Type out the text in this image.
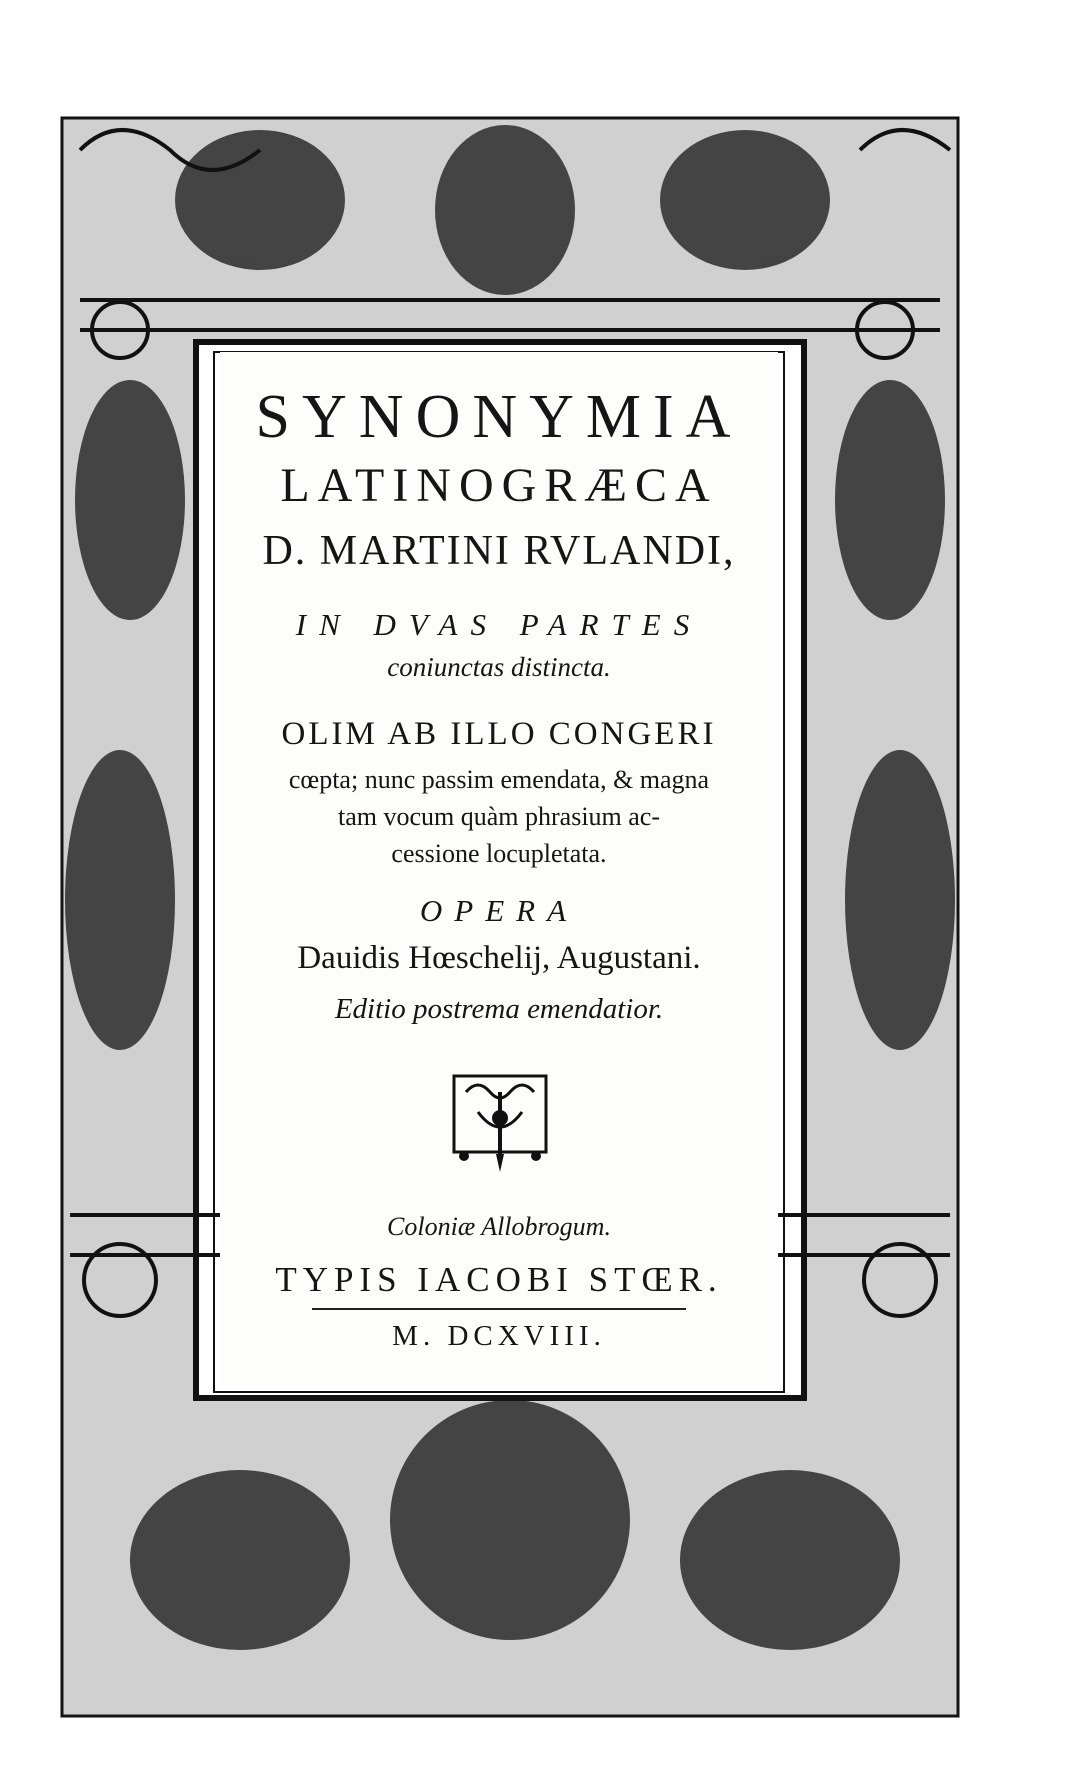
SYNONYMIA
LATINOGRÆCA
D. MARTINI RVLANDI,
IN DVAS PARTES
coniunctas distincta.
OLIM AB ILLO CONGERI
cœpta; nunc passim emendata, & magna
tam vocum quàm phrasium ac-
cessione locupletata.
OPERA
Dauidis Hœschelij, Augustani.
Editio postrema emendatior.
Coloniæ Allobrogum.
TYPIS IACOBI STŒR.
M. DCXVIII.
